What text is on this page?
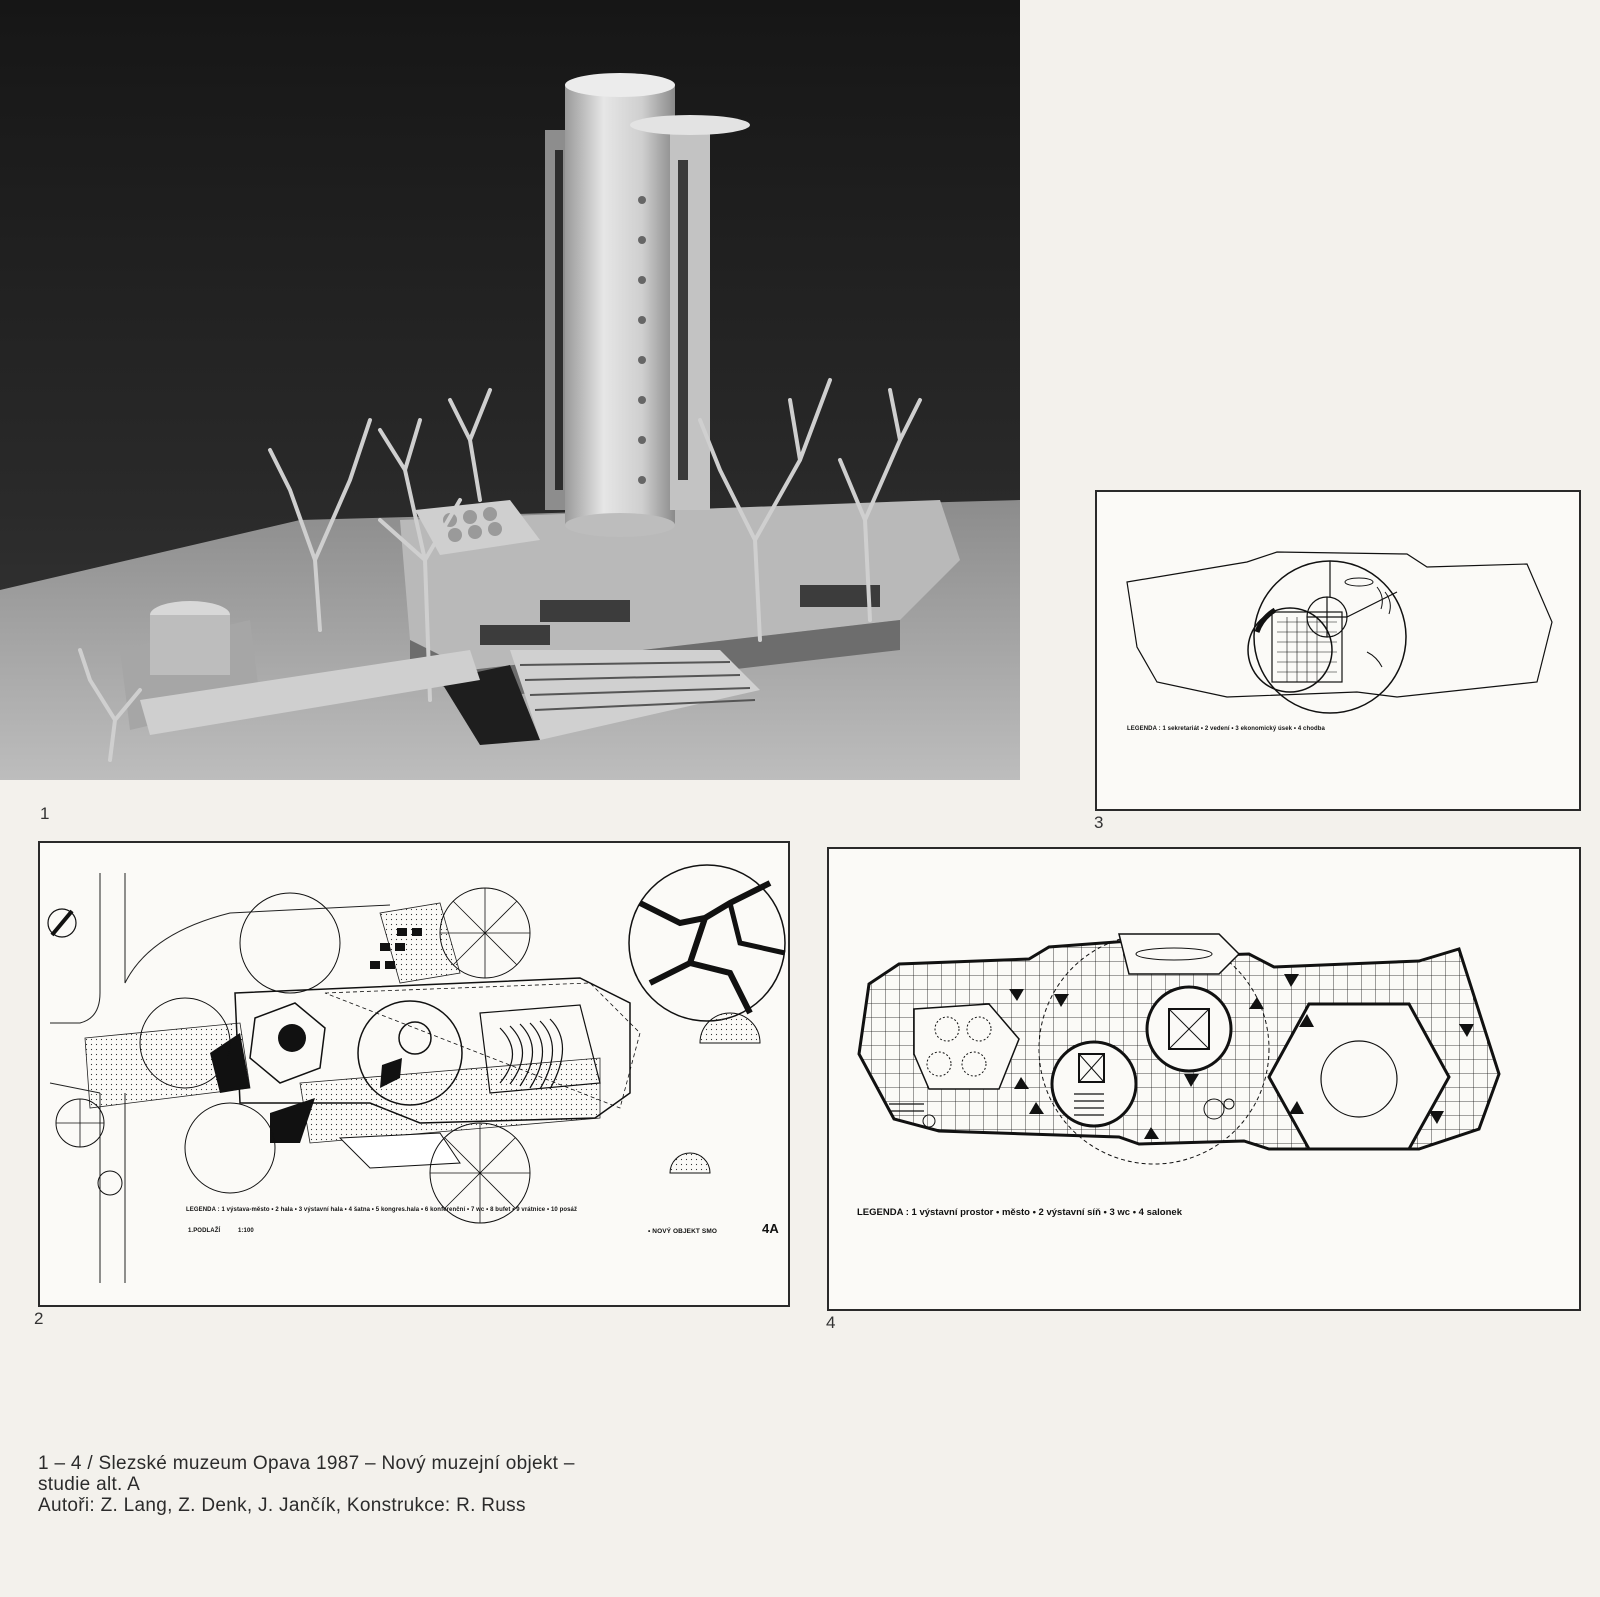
1
LEGENDA : 1 sekretariát • 2 vedení • 3 ekonomický úsek • 4 chodba
3
LEGENDA : 1 výstava-město • 2 hala • 3 výstavní hala • 4 šatna • 5 kongres.hala • 6 konferenční • 7 wc • 8 bufet • 9 vrátnice • 10 posáž
1.PODLAŽÍ	1:100	• NOVÝ OBJEKT SMO	4A
2
LEGENDA : 1 výstavní prostor • město • 2 výstavní síň • 3 wc • 4 salonek
4
1 – 4 / Slezské muzeum Opava 1987 – Nový muzejní objekt –
studie alt. A
Autoři: Z. Lang, Z. Denk, J. Jančík, Konstrukce: R. Russ
